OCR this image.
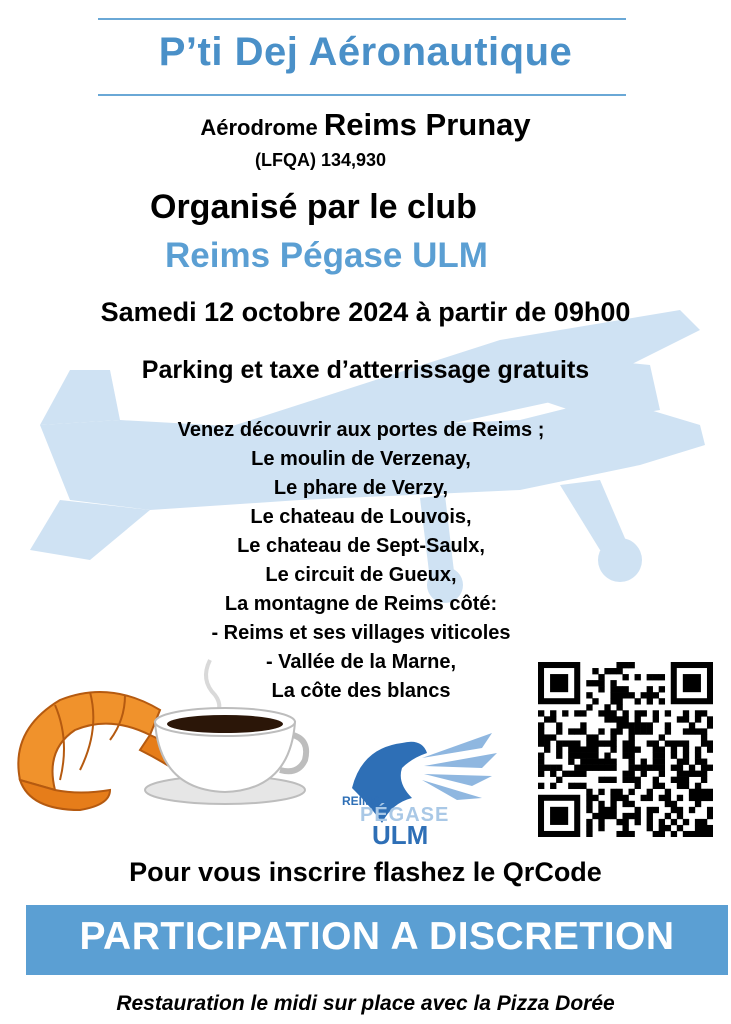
P’ti Dej Aéronautique
Aérodrome Reims Prunay
(LFQA) 134,930
Organisé par le club
Reims Pégase ULM
Samedi 12 octobre 2024 à partir de 09h00
Parking et taxe d’atterrissage gratuits
Venez découvrir aux portes de Reims ;
Le moulin de Verzenay,
Le phare de Verzy,
Le chateau de Louvois,
Le chateau de Sept-Saulx,
Le circuit de Gueux,
La montagne de Reims côté:
- Reims et ses villages viticoles
- Vallée de la Marne,
La côte des blancs
REIMS
PÉGASE
ULM
Pour vous inscrire flashez le QrCode
PARTICIPATION A DISCRETION
Restauration le midi sur place avec la Pizza Dorée
